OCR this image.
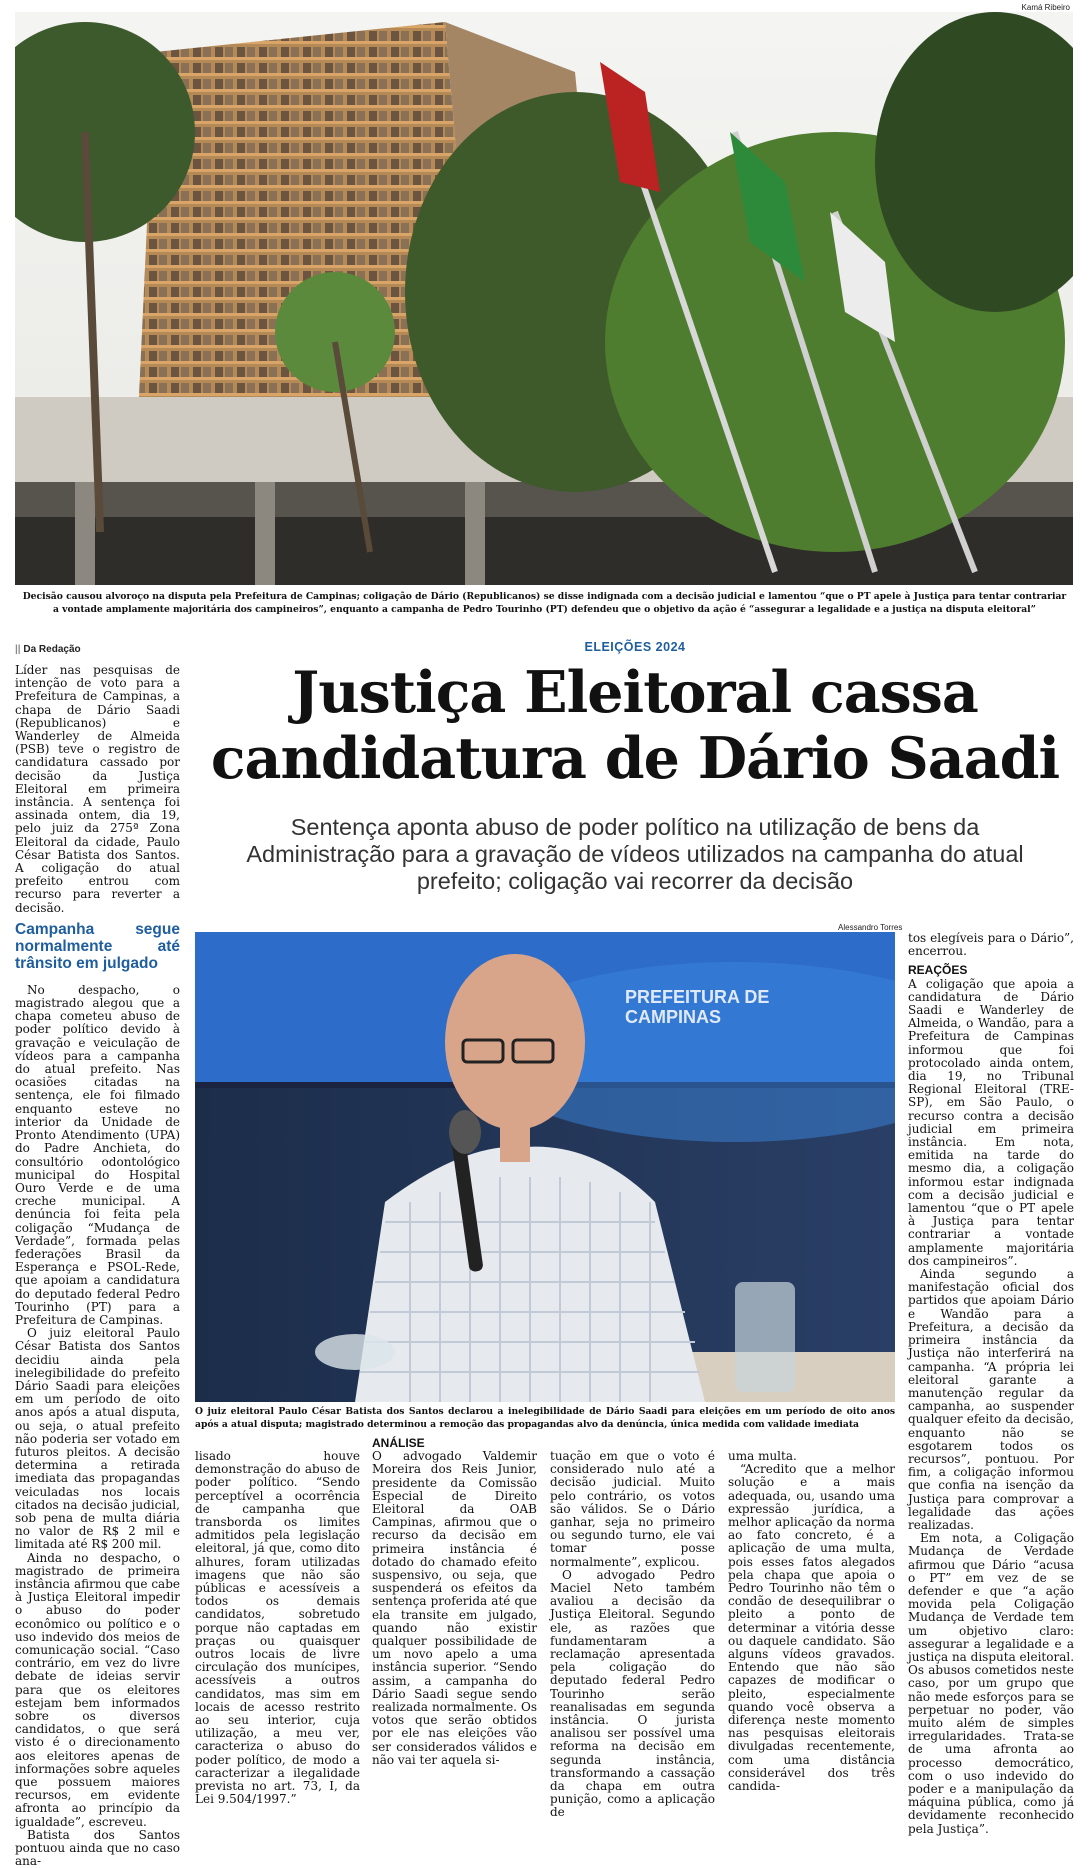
Kamá Ribeiro
Decisão causou alvoroço na disputa pela Prefeitura de Campinas; coligação de Dário (Republicanos) se disse indignada com a decisão judicial e lamentou “que o PT apele à Justiça para tentar contrariar a vontade amplamente majoritária dos campineiros”, enquanto a campanha de Pedro Tourinho (PT) defendeu que o objetivo da ação é “assegurar a legalidade e a justiça na disputa eleitoral”
|| Da Redação

Líder nas pesquisas de intenção de voto para a Prefeitura de Campinas, a chapa de Dário Saadi (Republicanos) e Wanderley de Almeida (PSB) teve o registro de candidatura cassado por decisão da Justiça Eleitoral em primeira instância. A sentença foi assinada ontem, dia 19, pelo juiz da 275ª Zona Eleitoral da cidade, Paulo César Batista dos Santos. A coligação do atual prefeito entrou com recurso para reverter a decisão.

Campanha segue normalmente até trânsito em julgado

No despacho, o magistrado alegou que a chapa cometeu abuso de poder político devido à gravação e veiculação de vídeos para a campanha do atual prefeito. Nas ocasiões citadas na sentença, ele foi filmado enquanto esteve no interior da Unidade de Pronto Atendimento (UPA) do Padre Anchieta, do consultório odontológico municipal do Hospital Ouro Verde e de uma creche municipal. A denúncia foi feita pela coligação “Mudança de Verdade”, formada pelas federações Brasil da Esperança e PSOL-Rede, que apoiam a candidatura do deputado federal Pedro Tourinho (PT) para a Prefeitura de Campinas.

O juiz eleitoral Paulo César Batista dos Santos decidiu ainda pela inelegibilidade do prefeito Dário Saadi para eleições em um período de oito anos após a atual disputa, ou seja, o atual prefeito não poderia ser votado em futuros pleitos. A decisão determina a retirada imediata das propagandas veiculadas nos locais citados na decisão judicial, sob pena de multa diária no valor de R$ 2 mil e limitada até R$ 200 mil.

Ainda no despacho, o magistrado de primeira instância afirmou que cabe à Justiça Eleitoral impedir o abuso do poder econômico ou político e o uso indevido dos meios de comunicação social. “Caso contrário, em vez do livre debate de ideias servir para que os eleitores estejam bem informados sobre os diversos candidatos, o que será visto é o direcionamento aos eleitores apenas de informações sobre aqueles que possuem maiores recursos, em evidente afronta ao princípio da igualdade”, escreveu.

Batista dos Santos pontuou ainda que no caso ana-

ELEIÇÕES 2024
Justiça Eleitoral cassa
candidatura de Dário Saadi
Sentença aponta abuso de poder político na utilização de bens da Administração para a gravação de vídeos utilizados na campanha do atual prefeito; coligação vai recorrer da decisão
Alessandro Torres
PREFEITURA DE CAMPINAS
O juiz eleitoral Paulo César Batista dos Santos declarou a inelegibilidade de Dário Saadi para eleições em um período de oito anos após a atual disputa; magistrado determinou a remoção das propagandas alvo da denúncia, única medida com validade imediata

lisado houve demonstração do abuso de poder político. “Sendo perceptível a ocorrência de campanha que transborda os limites admitidos pela legislação eleitoral, já que, como dito alhures, foram utilizadas imagens que não são públicas e acessíveis a todos os demais candidatos, sobretudo porque não captadas em praças ou quaisquer outros locais de livre circulação dos munícipes, acessíveis a outros candidatos, mas sim em locais de acesso restrito ao seu interior, cuja utilização, a meu ver, caracteriza o abuso do poder político, de modo a caracterizar a ilegalidade prevista no art. 73, I, da Lei 9.504/1997.”

ANÁLISE

O advogado Valdemir Moreira dos Reis Junior, presidente da Comissão Especial de Direito Eleitoral da OAB Campinas, afirmou que o recurso da decisão em primeira instância é dotado do chamado efeito suspensivo, ou seja, que suspenderá os efeitos da sentença proferida até que ela transite em julgado, quando não existir qualquer possibilidade de um novo apelo a uma instância superior. “Sendo assim, a campanha do Dário Saadi segue sendo realizada normalmente. Os votos que serão obtidos por ele nas eleições vão ser considerados válidos e não vai ter aquela si-

tuação em que o voto é considerado nulo até a decisão judicial. Muito pelo contrário, os votos são válidos. Se o Dário ganhar, seja no primeiro ou segundo turno, ele vai tomar posse normalmente”, explicou.

O advogado Pedro Maciel Neto também avaliou a decisão da Justiça Eleitoral. Segundo ele, as razões que fundamentaram a reclamação apresentada pela coligação do deputado federal Pedro Tourinho serão reanalisadas em segunda instância. O jurista analisou ser possível uma reforma na decisão em segunda instância, transformando a cassação da chapa em outra punição, como a aplicação de

uma multa.

“Acredito que a melhor solução e a mais adequada, ou, usando uma expressão jurídica, a melhor aplicação da norma ao fato concreto, é a aplicação de uma multa, pois esses fatos alegados pela chapa que apoia o Pedro Tourinho não têm o condão de desequilibrar o pleito a ponto de determinar a vitória desse ou daquele candidato. São alguns vídeos gravados. Entendo que não são capazes de modificar o pleito, especialmente quando você observa a diferença neste momento nas pesquisas eleitorais divulgadas recentemente, com uma distância considerável dos três candida-

tos elegíveis para o Dário”, encerrou.

REAÇÕES

A coligação que apoia a candidatura de Dário Saadi e Wanderley de Almeida, o Wandão, para a Prefeitura de Campinas informou que foi protocolado ainda ontem, dia 19, no Tribunal Regional Eleitoral (TRE-SP), em São Paulo, o recurso contra a decisão judicial em primeira instância. Em nota, emitida na tarde do mesmo dia, a coligação informou estar indignada com a decisão judicial e lamentou “que o PT apele à Justiça para tentar contrariar a vontade amplamente majoritária dos campineiros”.

Ainda segundo a manifestação oficial dos partidos que apoiam Dário e Wandão para a Prefeitura, a decisão da primeira instância da Justiça não interferirá na campanha. “A própria lei eleitoral garante a manutenção regular da campanha, ao suspender qualquer efeito da decisão, enquanto não se esgotarem todos os recursos”, pontuou. Por fim, a coligação informou que confia na isenção da Justiça para comprovar a legalidade das ações realizadas.

Em nota, a Coligação Mudança de Verdade afirmou que Dário “acusa o PT” em vez de se defender e que “a ação movida pela Coligação Mudança de Verdade tem um objetivo claro: assegurar a legalidade e a justiça na disputa eleitoral. Os abusos cometidos neste caso, por um grupo que não mede esforços para se perpetuar no poder, vão muito além de simples irregularidades. Trata-se de uma afronta ao processo democrático, com o uso indevido do poder e a manipulação da máquina pública, como já devidamente reconhecido pela Justiça”.
